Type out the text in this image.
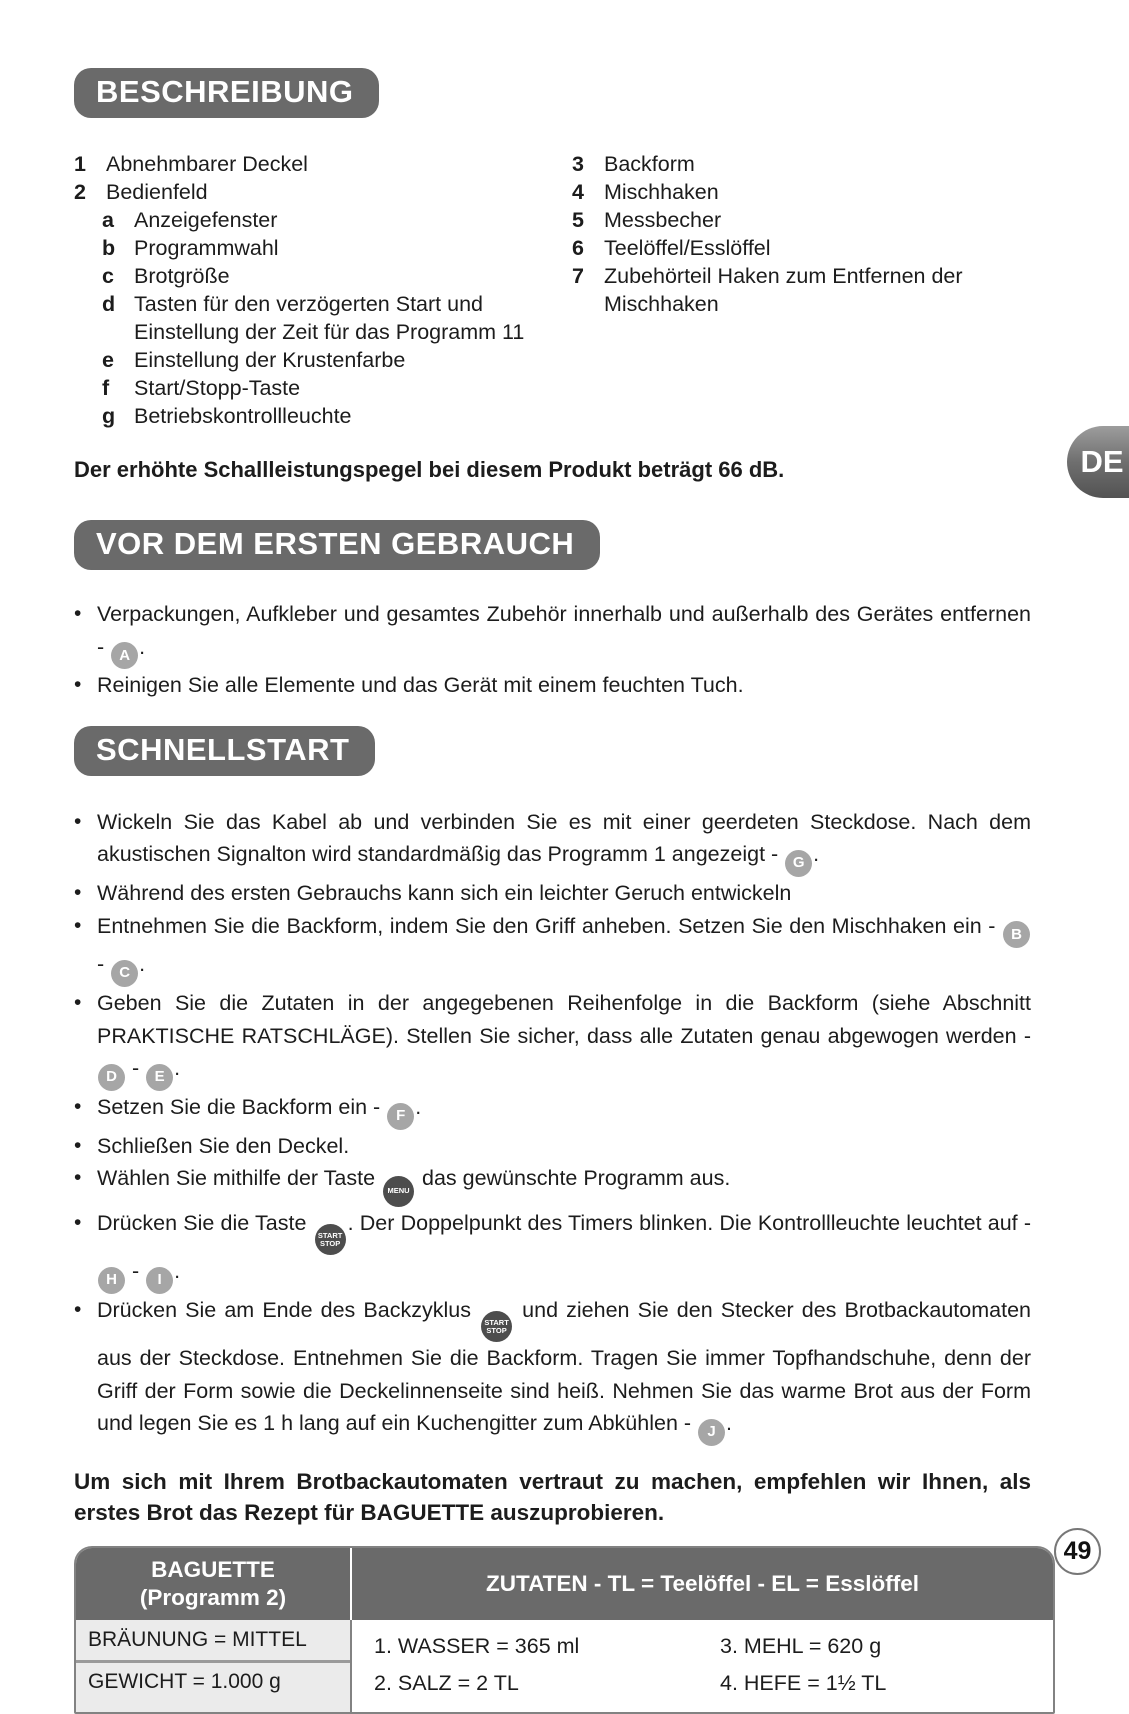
BESCHREIBUNG
1 Abnehmbarer Deckel
2 Bedienfeld
a Anzeigefenster
b Programmwahl
c Brotgröße
d Tasten für den verzögerten Start und Einstellung der Zeit für das Programm 11
e Einstellung der Krustenfarbe
f	Start/Stopp-Taste
g Betriebskontrollleuchte
3 Backform
4 Mischhaken
5 Messbecher
6 Teelöffel/Esslöffel
7 Zubehörteil Haken zum Entfernen der Mischhaken

Der erhöhte Schallleistungspegel bei diesem Produkt beträgt 66 dB.	DE
VOR DEM ERSTEN GEBRAUCH
• Verpackungen, Aufkleber und gesamtes Zubehör innerhalb und außerhalb des Gerätes entfernen - A .
• Reinigen Sie alle Elemente und das Gerät mit einem feuchten Tuch.
SCHNELLSTART
• Wickeln Sie das Kabel ab und verbinden Sie es mit einer geerdeten Steckdose. Nach dem akustischen Signalton wird standardmäßig das Programm 1 angezeigt - G .
• Während des ersten Gebrauchs kann sich ein leichter Geruch entwickeln
• Entnehmen Sie die Backform, indem Sie den Griff anheben. Setzen Sie den Mischhaken ein - B - C .
• Geben Sie die Zutaten in der angegebenen Reihenfolge in die Backform (siehe Abschnitt PRAKTISCHE RATSCHLÄGE). Stellen Sie sicher, dass alle Zutaten genau abgewogen werden - D - E .
• Setzen Sie die Backform ein - F .
• Schließen Sie den Deckel.
• Wählen Sie mithilfe der Taste
MENU
das gewünschte Programm aus.
• Drücken Sie die Taste
START
STOP
. Der Doppelpunkt des Timers blinken. Die Kontrollleuchte leuchtet auf - H - I .
• Drücken Sie am Ende des Backzyklus
START
STOP
und ziehen Sie den Stecker des Brotbackautomaten aus der Steckdose. Entnehmen Sie die Backform. Tragen Sie immer Topfhandschuhe, denn der Griff der Form sowie die Deckelinnenseite sind heiß. Nehmen Sie das warme Brot aus der Form und legen Sie es 1 h lang auf ein Kuchengitter zum Abkühlen - J .

Um sich mit Ihrem Brotbackautomaten vertraut zu machen, empfehlen wir Ihnen, als erstes Brot das Rezept für BAGUETTE auszuprobieren.

BAGUETTE
(Programm 2)
ZUTATEN - TL = Teelöffel - EL = Esslöffel
BRÄUNUNG = MITTEL
GEWICHT = 1.000 g
1. WASSER = 365 ml
2. SALZ = 2 TL
3. MEHL = 620 g
4. HEFE = 1½ TL
49
